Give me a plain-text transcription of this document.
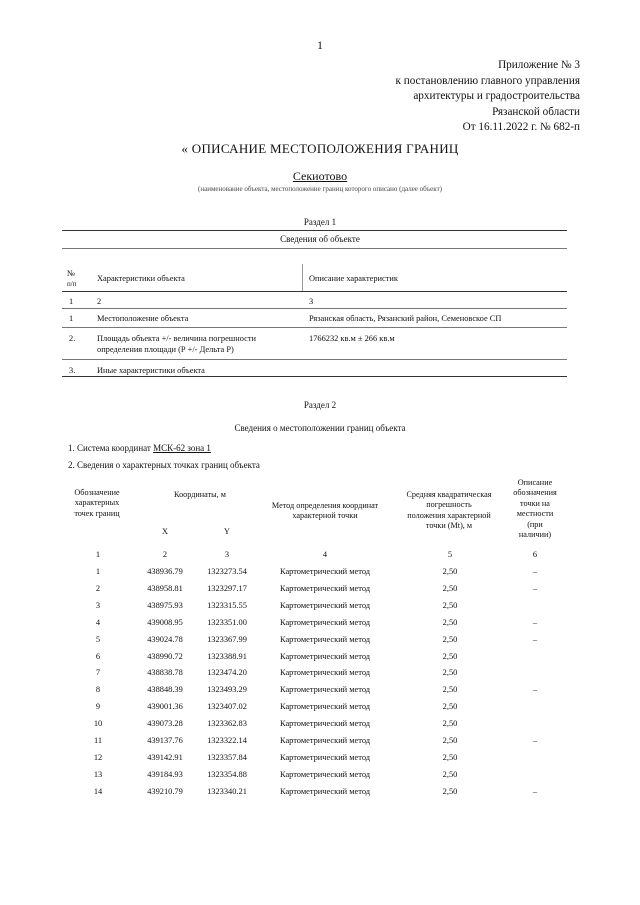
1
Приложение № 3
к постановлению главного управления
архитектуры и градостроительства
Рязанской области
От 16.11.2022 г. № 682-п
« ОПИСАНИЕ МЕСТОПОЛОЖЕНИЯ ГРАНИЦ
Секиотово
(наименование объекта, местоположение границ которого описано (далее объект)
Раздел 1
Сведения об объекте
№
п/п
Характеристики объекта	Описание характеристик
1	2	3
1	Местоположение объекта	Рязанская область, Рязанский район, Семеновское СП
2.	Площадь объекта +/- величина погрешности
определения площади (Р +/- Дельта Р)
1766232 кв.м ± 266 кв.м
3.	Иные характеристики объекта
Раздел 2
Сведения о местоположении границ объекта
1. Система координат МСК-62 зона 1
2. Сведения о характерных точках границ объекта
Обозначение
характерных
точек границ
Координаты, м
X	Y
Метод определения координат
характерной точки
Средняя квадратическая
погрешность
положения характерной
точки (Mt), м
Описание
обозначения
точки на
местности
(при
наличии)
1	2	3	4	5	6
1	438936.79	1323273.54	Картометрический метод	2,50	–
2	438958.81	1323297.17	Картометрический метод	2,50	–
3	438975.93	1323315.55	Картометрический метод	2,50
4	439008.95	1323351.00	Картометрический метод	2,50	–
5	439024.78	1323367.99	Картометрический метод	2,50	–
6	438990.72	1323388.91	Картометрический метод	2,50
7	438838.78	1323474.20	Картометрический метод	2,50
8	438848.39	1323493.29	Картометрический метод	2,50	–
9	439001.36	1323407.02	Картометрический метод	2,50
10	439073.28	1323362.83	Картометрический метод	2,50
11	439137.76	1323322.14	Картометрический метод	2,50	–
12	439142.91	1323357.84	Картометрический метод	2,50
13	439184.93	1323354.88	Картометрический метод	2,50
14	439210.79	1323340.21	Картометрический метод	2,50	–
